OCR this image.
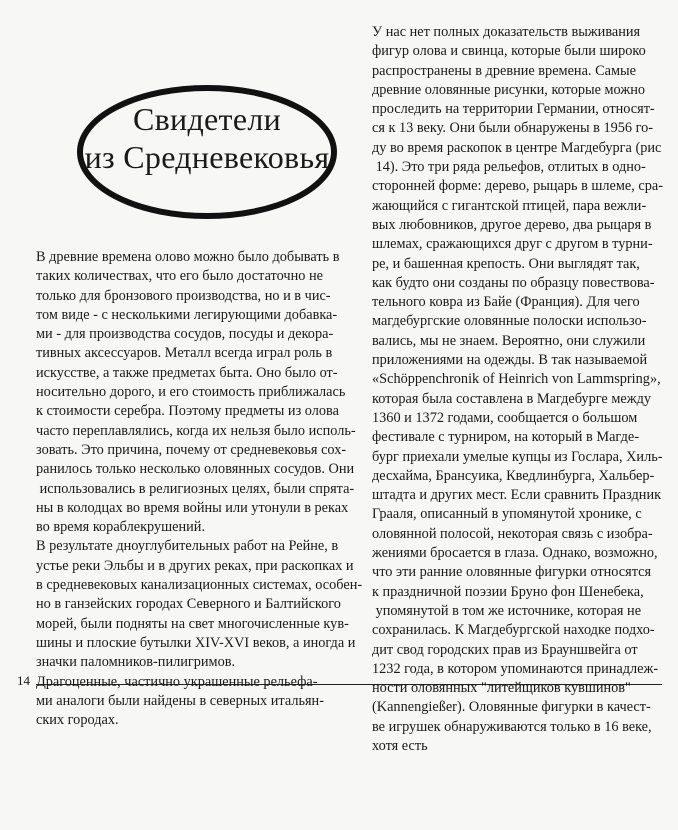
Свидетели
из Средневековья

В древние времена олово можно было добывать в

таких количествах, что его было достаточно не

только для бронзового производства, но и в чис-

том виде - с несколькими легирующими добавка-

ми - для производства сосудов, посуды и декора-

тивных аксессуаров. Металл всегда играл роль в

искусстве, а также предметах быта. Оно было от-

носительно дорого, и его стоимость приближалась

к стоимости серебра. Поэтому предметы из олова

часто переплавлялись, когда их нельзя было исполь-

зовать. Это причина, почему от средневековья сох-

ранилось только несколько оловянных сосудов. Они

использовались в религиозных целях, были спрята-

ны в колодцах во время войны или утонули в реках

во время кораблекрушений.

В результате дноуглубительных работ на Рейне, в

устье реки Эльбы и в других реках, при раскопках и

в средневековых канализационных системах, особен-

но в ганзейских городах Северного и Балтийского

морей, были подняты на свет многочисленные кув-

шины и плоские бутылки XIV-XVI веков, а иногда и

значки паломников-пилигримов.

Драгоценные, частично украшенные рельефа-

ми аналоги были найдены в северных итальян-

ских городах.

У нас нет полных доказательств выживания

фигур олова и свинца, которые были широко

распространены в древние времена. Самые

древние оловянные рисунки, которые можно

проследить на территории Германии, относят-

ся к 13 веку. Они были обнаружены в 1956 го-

ду во время раскопок в центре Магдебурга (рис

14). Это три ряда рельефов, отлитых в одно-

сторонней форме: дерево, рыцарь в шлеме, сра-

жающийся с гигантской птицей, пара вежли-

вых любовников, другое дерево, два рыцаря в

шлемах, сражающихся друг с другом в турни-

ре, и башенная крепость. Они выглядят так,

как будто они созданы по образцу повествова-

тельного ковра из Байе (Франция). Для чего

магдебургские оловянные полоски использо-

вались, мы не знаем. Вероятно, они служили

приложениями на одежды. В так называемой

«Schöppenchronik of Heinrich von Lammspring»,

которая была составлена в Магдебурге между

1360 и 1372 годами, сообщается о большом

фестивале с турниром, на который в Магде-

бург приехали умелые купцы из Гослара, Хиль-

десхайма, Брансуика, Кведлинбурга, Хальбер-

штадта и других мест. Если сравнить Праздник

Грааля, описанный в упомянутой хронике, с

оловянной полосой, некоторая связь с изобра-

жениями бросается в глаза. Однако, возможно,

что эти ранние оловянные фигурки относятся

к праздничной поэзии Бруно фон Шенебека,

упомянутой в том же источнике, которая не

сохранилась. К Магдебургской находке подхо-

дит свод городских прав из Брауншвейга от

1232 года, в котором упоминаются принадлеж-

ности оловянных "литейщиков кувшинов"

(Kannengießer). Оловянные фигурки в качест-

ве игрушек обнаруживаются только в 16 веке,

хотя есть

14
